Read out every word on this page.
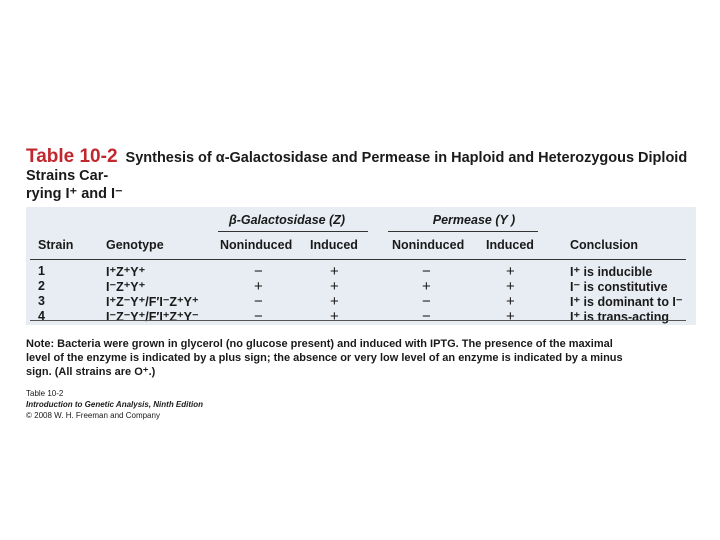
Table 10-2 Synthesis of α-Galactosidase and Permease in Haploid and Heterozygous Diploid Strains Car-
rying I⁺ and I⁻
β-Galactosidase (Z)	Permease (Y )
Strain	Genotype	Noninduced Induced	Noninduced Induced	Conclusion
1	I⁺Z⁺Y⁺	−	+	−	+	I⁺ is inducible
2	I⁻Z⁺Y⁺	+	+	+	+	I⁻ is constitutive
3	I⁺Z⁻Y⁺/F′I⁻Z⁺Y⁺	−	+	−	+	I⁺ is dominant to I⁻
4	I⁻Z⁻Y⁺/F′I⁺Z⁺Y⁻	−	+	−	+	I⁺ is trans-acting
Note: Bacteria were grown in glycerol (no glucose present) and induced with IPTG. The presence of the maximal level of the enzyme is indicated by a plus sign; the absence or very low level of an enzyme is indicated by a minus sign. (All strains are O⁺.)
Table 10-2
Introduction to Genetic Analysis, Ninth Edition
© 2008 W. H. Freeman and Company
